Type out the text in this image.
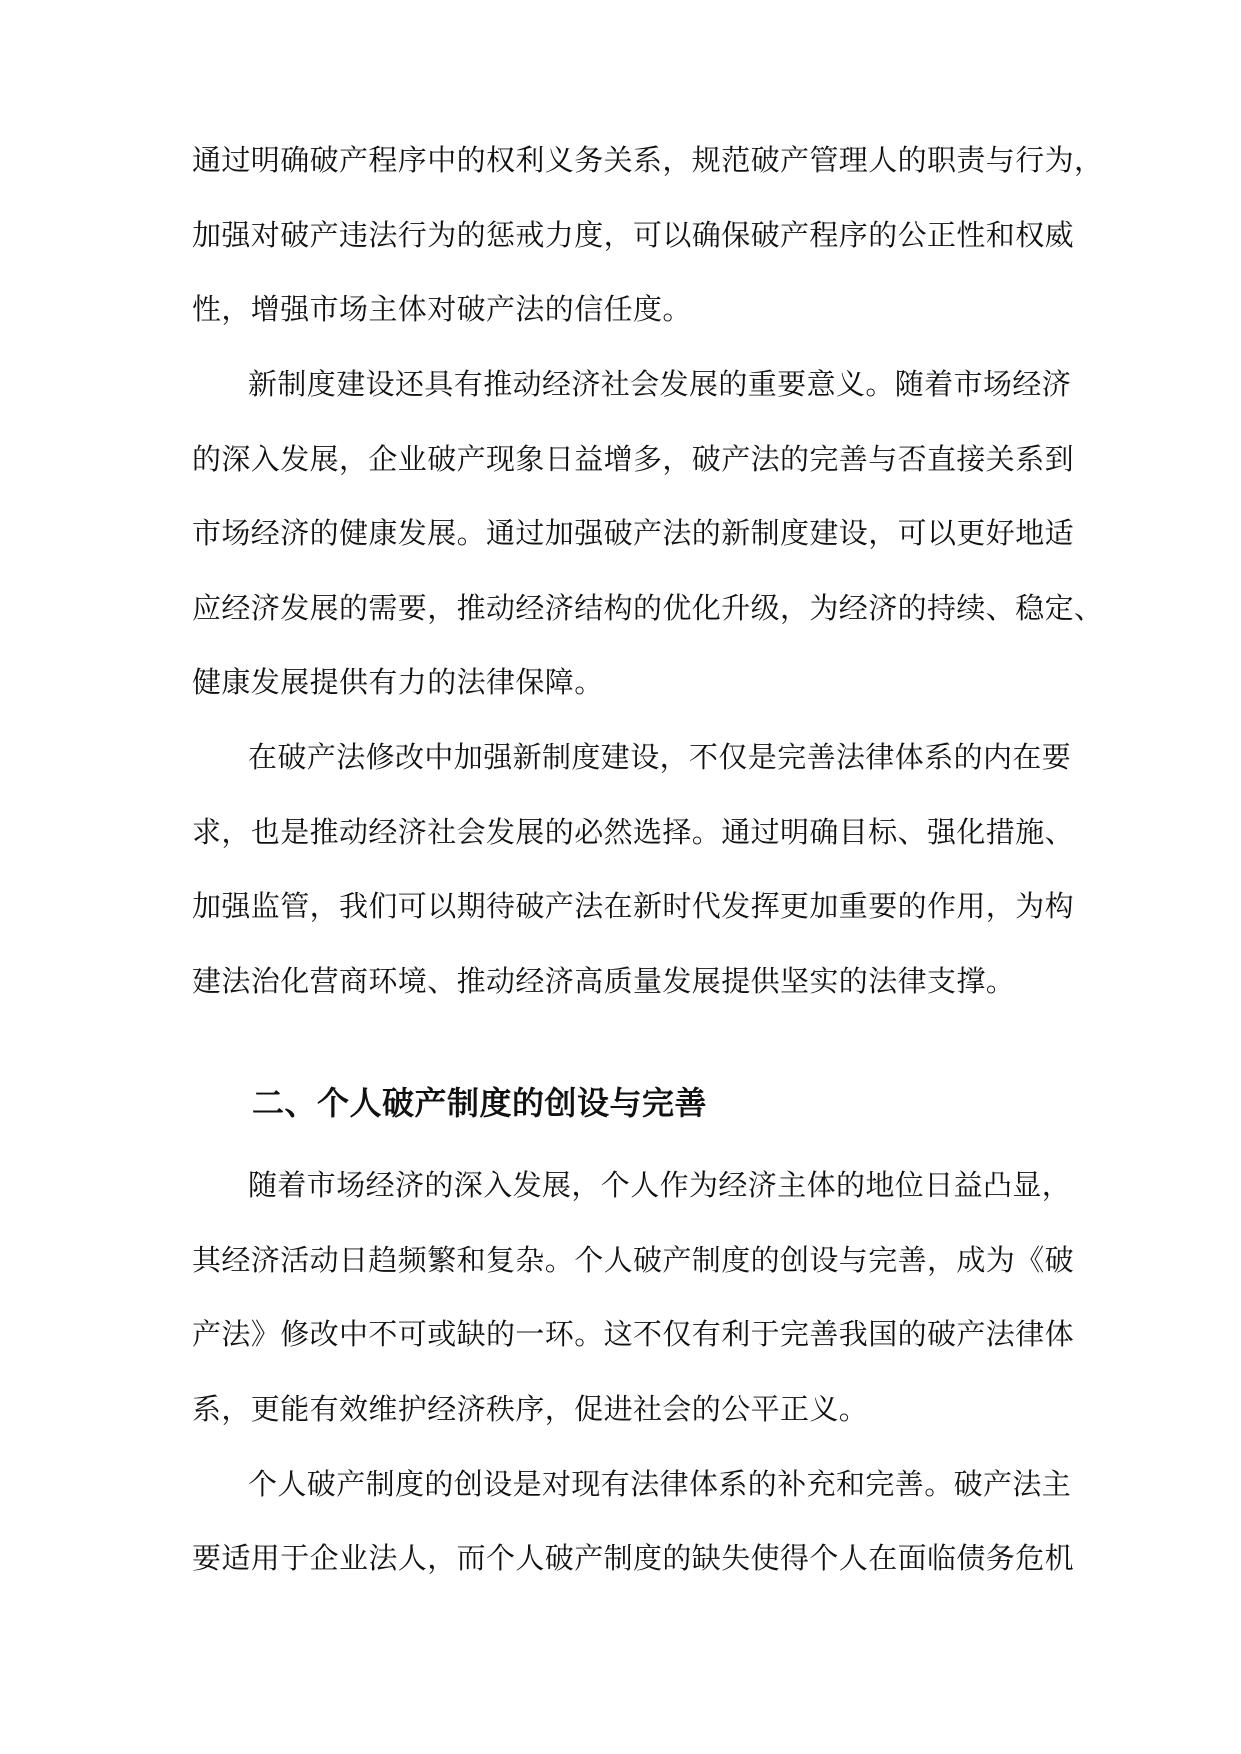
通过明确破产程序中的权利义务关系，规范破产管理人的职责与行为，
加强对破产违法行为的惩戒力度，可以确保破产程序的公正性和权威
性，增强市场主体对破产法的信任度。
新制度建设还具有推动经济社会发展的重要意义。随着市场经济
的深入发展，企业破产现象日益增多，破产法的完善与否直接关系到
市场经济的健康发展。通过加强破产法的新制度建设，可以更好地适
应经济发展的需要，推动经济结构的优化升级，为经济的持续、稳定、
健康发展提供有力的法律保障。
在破产法修改中加强新制度建设，不仅是完善法律体系的内在要
求，也是推动经济社会发展的必然选择。通过明确目标、强化措施、
加强监管，我们可以期待破产法在新时代发挥更加重要的作用，为构
建法治化营商环境、推动经济高质量发展提供坚实的法律支撑。
二、个人破产制度的创设与完善
随着市场经济的深入发展，个人作为经济主体的地位日益凸显，
其经济活动日趋频繁和复杂。个人破产制度的创设与完善，成为《破
产法》修改中不可或缺的一环。这不仅有利于完善我国的破产法律体
系，更能有效维护经济秩序，促进社会的公平正义。
个人破产制度的创设是对现有法律体系的补充和完善。破产法主
要适用于企业法人，而个人破产制度的缺失使得个人在面临债务危机
